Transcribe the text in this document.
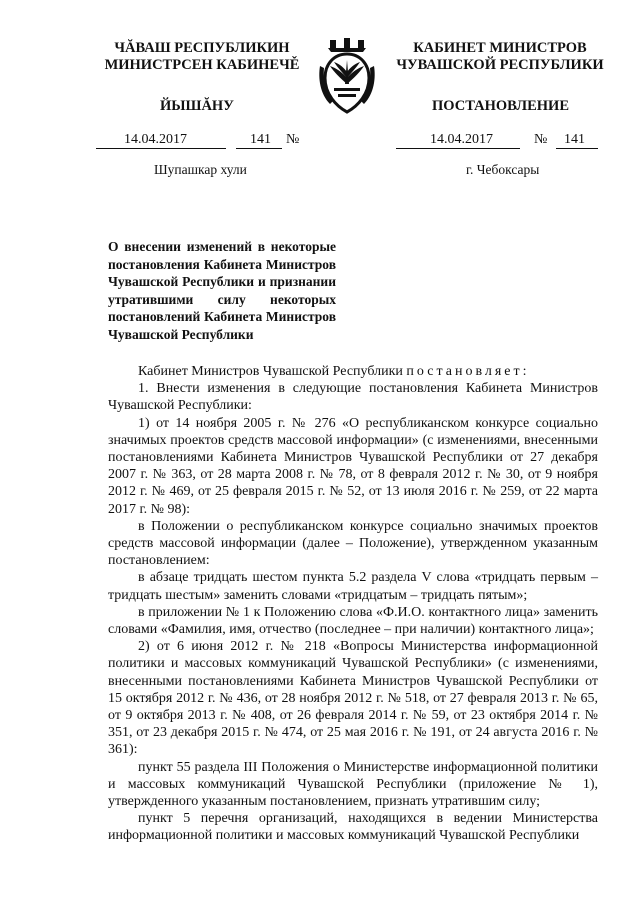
ЧĂВАШ РЕСПУБЛИКИН
МИНИСТРСЕН КАБИНЕЧĚ
ЙЫШĂНУ
КАБИНЕТ МИНИСТРОВ
ЧУВАШСКОЙ РЕСПУБЛИКИ
ПОСТАНОВЛЕНИЕ
14.04.2017	141 №	14.04.2017	№ 141
Шупашкар хули	г. Чебоксары
О внесении изменений в некоторые постановления Кабинета Министров Чувашской Республики и признании утратившими силу некоторых постановлений Кабинета Министров Чувашской Республики

Кабинет Министров Чувашской Республики постановляет:

1. Внести изменения в следующие постановления Кабинета Министров Чувашской Республики:

1) от 14 ноября 2005 г. № 276 «О республиканском конкурсе социально значимых проектов средств массовой информации» (с изменениями, внесенными постановлениями Кабинета Министров Чувашской Республики от 27 декабря 2007 г. № 363, от 28 марта 2008 г. № 78, от 8 февраля 2012 г. № 30, от 9 ноября 2012 г. № 469, от 25 февраля 2015 г. № 52, от 13 июля 2016 г. № 259, от 22 марта 2017 г. № 98):

в Положении о республиканском конкурсе социально значимых проектов средств массовой информации (далее – Положение), утвержденном указанным постановлением:

в абзаце тридцать шестом пункта 5.2 раздела V слова «тридцать первым – тридцать шестым» заменить словами «тридцатым – тридцать пятым»;

в приложении № 1 к Положению слова «Ф.И.О. контактного лица» заменить словами «Фамилия, имя, отчество (последнее – при наличии) контактного лица»;

2) от 6 июня 2012 г. № 218 «Вопросы Министерства информационной политики и массовых коммуникаций Чувашской Республики» (с изменениями, внесенными постановлениями Кабинета Министров Чувашской Республики от 15 октября 2012 г. № 436, от 28 ноября 2012 г. № 518, от 27 февраля 2013 г. № 65, от 9 октября 2013 г. № 408, от 26 февраля 2014 г. № 59, от 23 октября 2014 г. № 351, от 23 декабря 2015 г. № 474, от 25 мая 2016 г. № 191, от 24 августа 2016 г. № 361):

пункт 55 раздела III Положения о Министерстве информационной политики и массовых коммуникаций Чувашской Республики (приложение № 1), утвержденного указанным постановлением, признать утратившим силу;

пункт 5 перечня организаций, находящихся в ведении Министерства информационной политики и массовых коммуникаций Чувашской Республики
